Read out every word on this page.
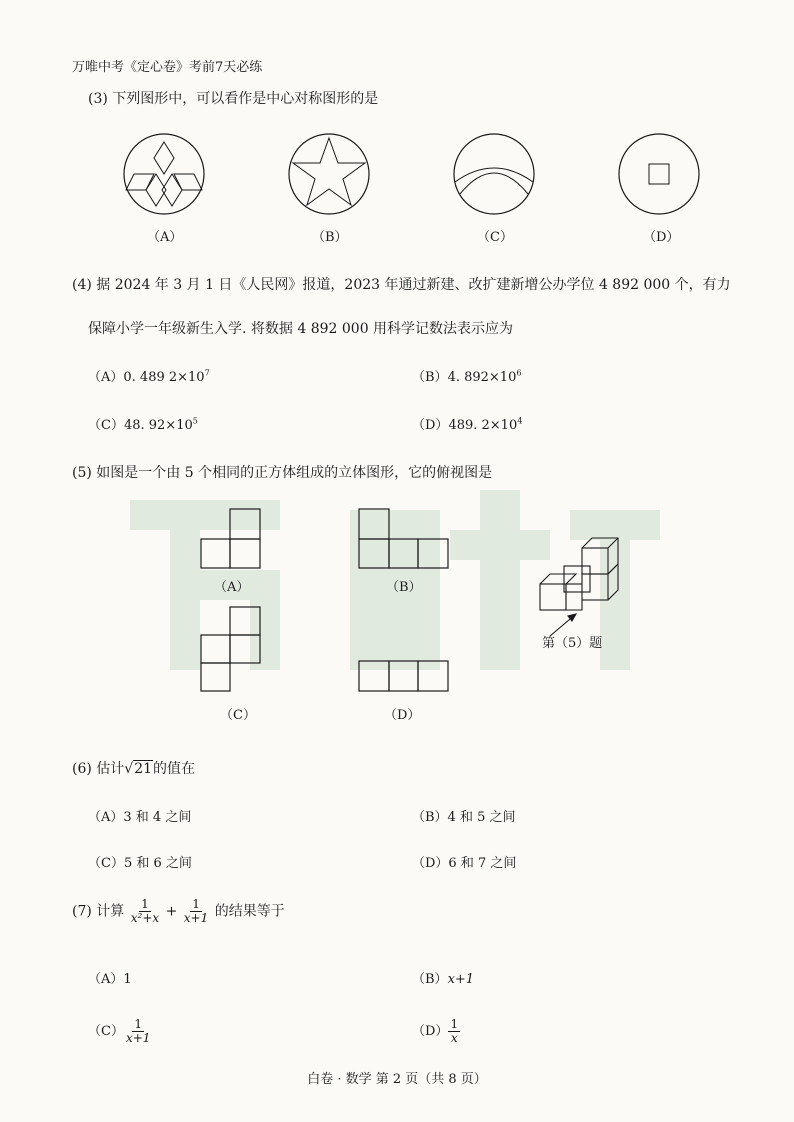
万唯中考《定心卷》考前7天必练
(3) 下列图形中，可以看作是中心对称图形的是
（A）	（B）	（C）	（D）
(4) 据 2024 年 3 月 1 日《人民网》报道，2023 年通过新建、改扩建新增公办学位 4 892 000 个，有力
保障小学一年级新生入学. 将数据 4 892 000 用科学记数法表示应为
（A）0. 489 $2\times 10^7$	（B）4. $892\times 10^6$
（C）48. $92\times 10^5$	（D）489. $2\times 10^4$
(5) 如图是一个由 5 个相同的正方体组成的立体图形，它的俯视图是
（A）	（B）
（C）	（D）
第（5）题
(6) 估计√21的值在
（A）3 和 4 之间	（B）4 和 5 之间
（C）5 和 6 之间	（D）6 和 7 之间
(7) 计算 $\frac{1}{\text{x²+x}} + \frac{1}{x+1}$ 的结果等于
（A）1	（B）x+1
$(C) \frac{1}{x+1}$	$(D) \frac{1}{x}$
白卷 · 数学 第 2 页（共 8 页）
